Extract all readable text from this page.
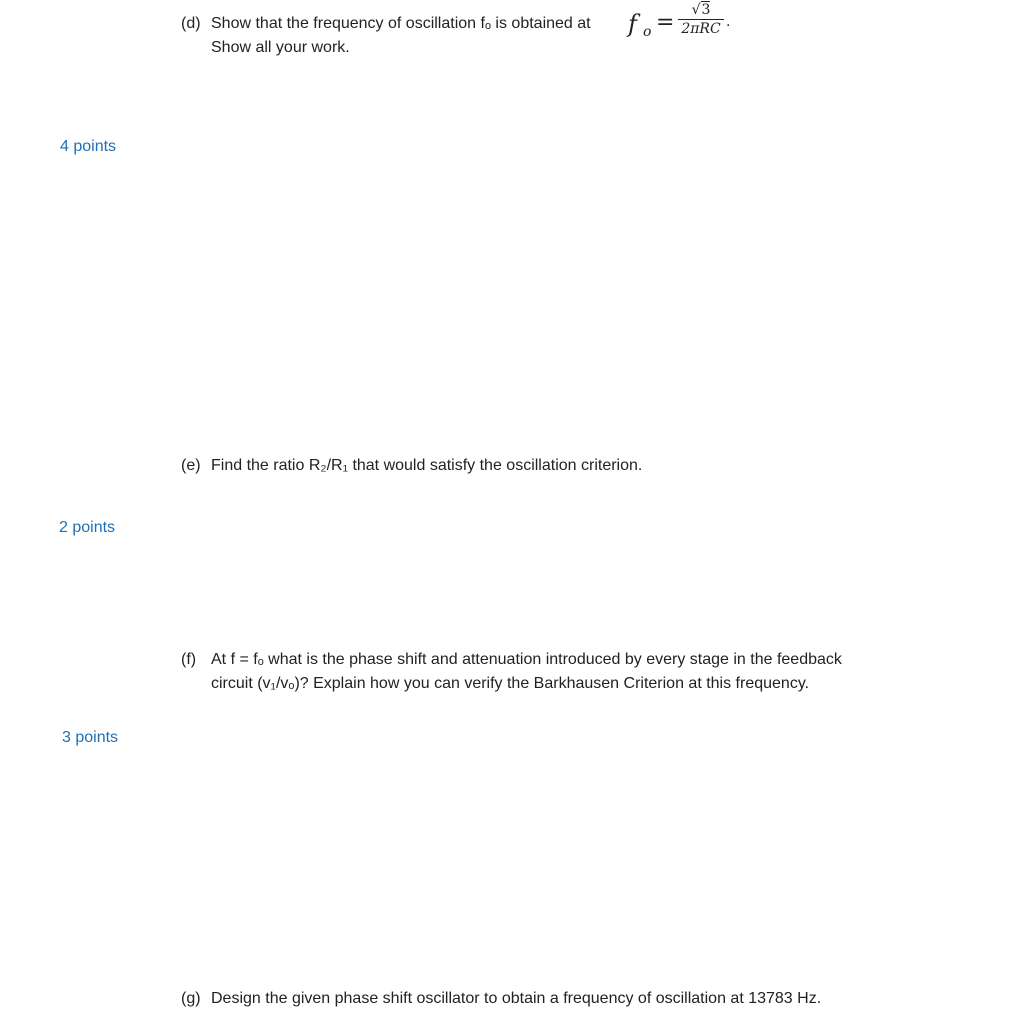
(d) Show that the frequency of oscillation fₒ is obtained at
Show all your work.
f o =	√3
2πRC .
4 points
(e) Find the ratio R₂/R₁ that would satisfy the oscillation criterion.
2 points
(f) At f = fₒ what is the phase shift and attenuation introduced by every stage in the feedback
circuit (v₁/vₒ)? Explain how you can verify the Barkhausen Criterion at this frequency.
3 points
(g) Design the given phase shift oscillator to obtain a frequency of oscillation at 13783 Hz.
